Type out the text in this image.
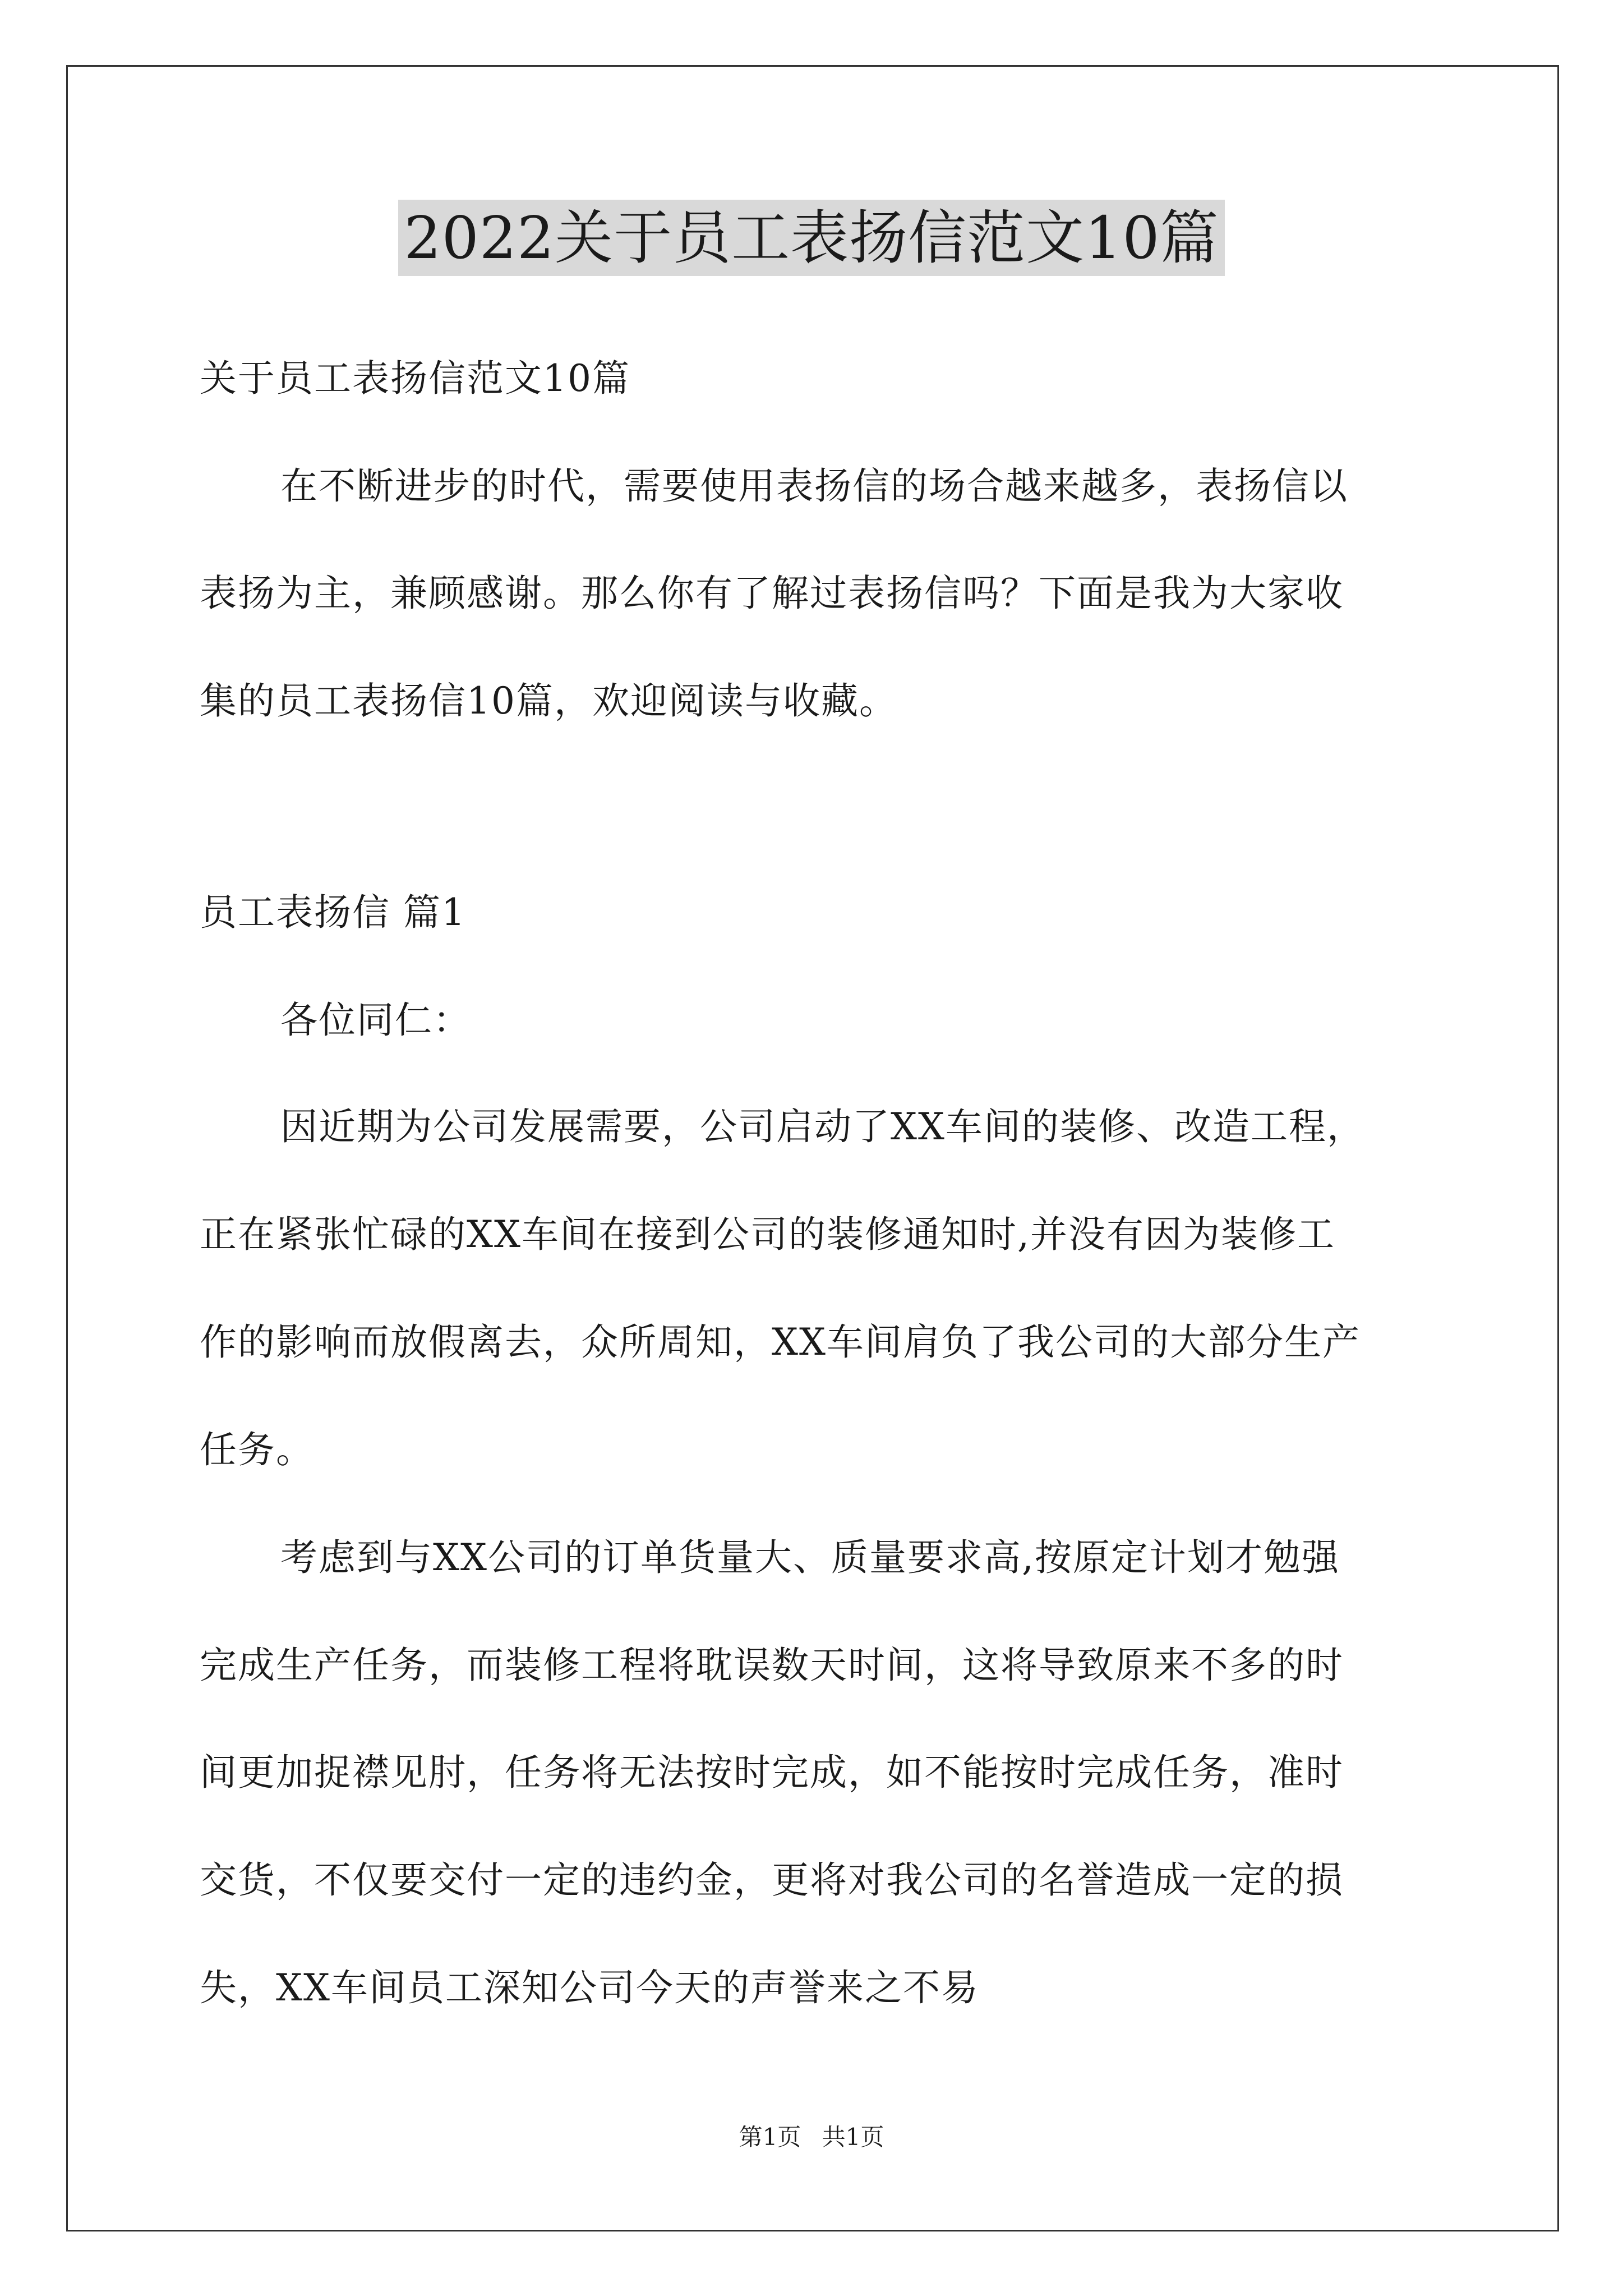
2022关于员工表扬信范文10篇
关于员工表扬信范文10篇
在不断进步的时代，需要使用表扬信的场合越来越多，表扬信以
表扬为主，兼顾感谢。那么你有了解过表扬信吗？下面是我为大家收
集的员工表扬信10篇，欢迎阅读与收藏。
员工表扬信 篇1
各位同仁：
因近期为公司发展需要，公司启动了XX车间的装修、改造工程，
正在紧张忙碌的XX车间在接到公司的装修通知时,并没有因为装修工
作的影响而放假离去，众所周知，XX车间肩负了我公司的大部分生产
任务。
考虑到与XX公司的订单货量大、质量要求高,按原定计划才勉强
完成生产任务，而装修工程将耽误数天时间，这将导致原来不多的时
间更加捉襟见肘，任务将无法按时完成，如不能按时完成任务，准时
交货，不仅要交付一定的违约金，更将对我公司的名誉造成一定的损
失，XX车间员工深知公司今天的声誉来之不易
第1页 共1页
